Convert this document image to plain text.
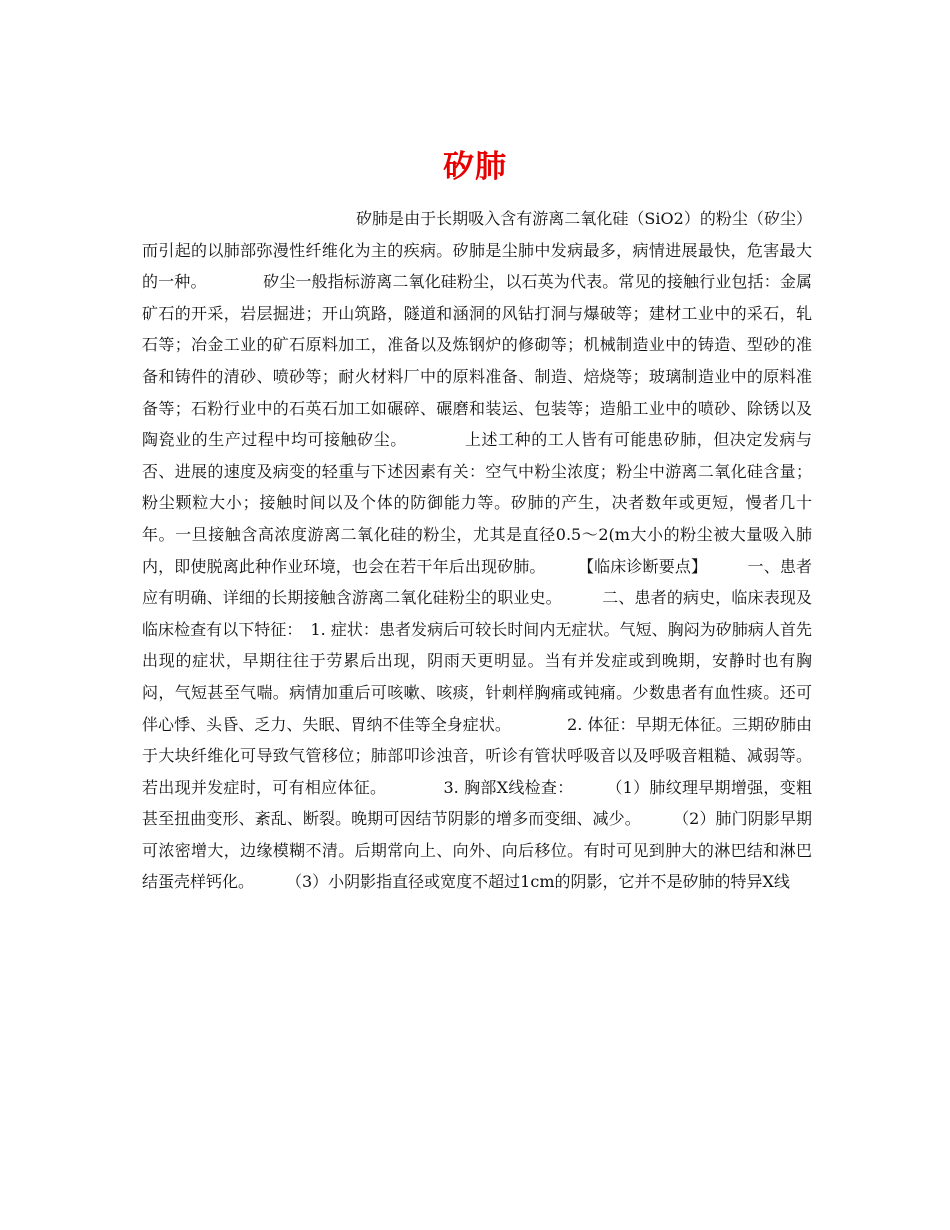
矽肺

矽肺是由于长期吸入含有游离二氧化硅（SiO2）的粉尘（矽尘）而引起的以肺部弥漫性纤维化为主的疾病。矽肺是尘肺中发病最多，病情进展最快，危害最大的一种。　　　　矽尘一般指标游离二氧化硅粉尘，以石英为代表。常见的接触行业包括：金属矿石的开采，岩层掘进；开山筑路，隧道和涵洞的风钻打洞与爆破等；建材工业中的采石，轧石等；冶金工业的矿石原料加工，准备以及炼钢炉的修砌等；机械制造业中的铸造、型砂的准备和铸件的清砂、喷砂等；耐火材料厂中的原料准备、制造、焙烧等；玻璃制造业中的原料准备等；石粉行业中的石英石加工如碾碎、碾磨和装运、包装等；造船工业中的喷砂、除锈以及陶瓷业的生产过程中均可接触矽尘。　　　　上述工种的工人皆有可能患矽肺，但决定发病与否、进展的速度及病变的轻重与下述因素有关：空气中粉尘浓度；粉尘中游离二氧化硅含量；粉尘颗粒大小；接触时间以及个体的防御能力等。矽肺的产生，决者数年或更短，慢者几十年。一旦接触含高浓度游离二氧化硅的粉尘，尤其是直径0.5～2(m大小的粉尘被大量吸入肺内，即使脱离此种作业环境，也会在若干年后出现矽肺。　　　【临床诊断要点】　　　一、患者应有明确、详细的长期接触含游离二氧化硅粉尘的职业史。　　　二、患者的病史，临床表现及临床检查有以下特征：　1. 症状：患者发病后可较长时间内无症状。气短、胸闷为矽肺病人首先出现的症状，早期往往于劳累后出现，阴雨天更明显。当有并发症或到晚期，安静时也有胸闷，气短甚至气喘。病情加重后可咳嗽、咳痰，针刺样胸痛或钝痛。少数患者有血性痰。还可伴心悸、头昏、乏力、失眠、胃纳不佳等全身症状。　　　　2. 体征：早期无体征。三期矽肺由于大块纤维化可导致气管移位；肺部叩诊浊音，听诊有管状呼吸音以及呼吸音粗糙、减弱等。若出现并发症时，可有相应体征。　　　　3. 胸部X线检查：　　　（1）肺纹理早期增强，变粗甚至扭曲变形、紊乱、断裂。晚期可因结节阴影的增多而变细、减少。　　　（2）肺门阴影早期可浓密增大，边缘模糊不清。后期常向上、向外、向后移位。有时可见到肿大的淋巴结和淋巴结蛋壳样钙化。　　　（3）小阴影指直径或宽度不超过1cm的阴影，它并不是矽肺的特异X线
